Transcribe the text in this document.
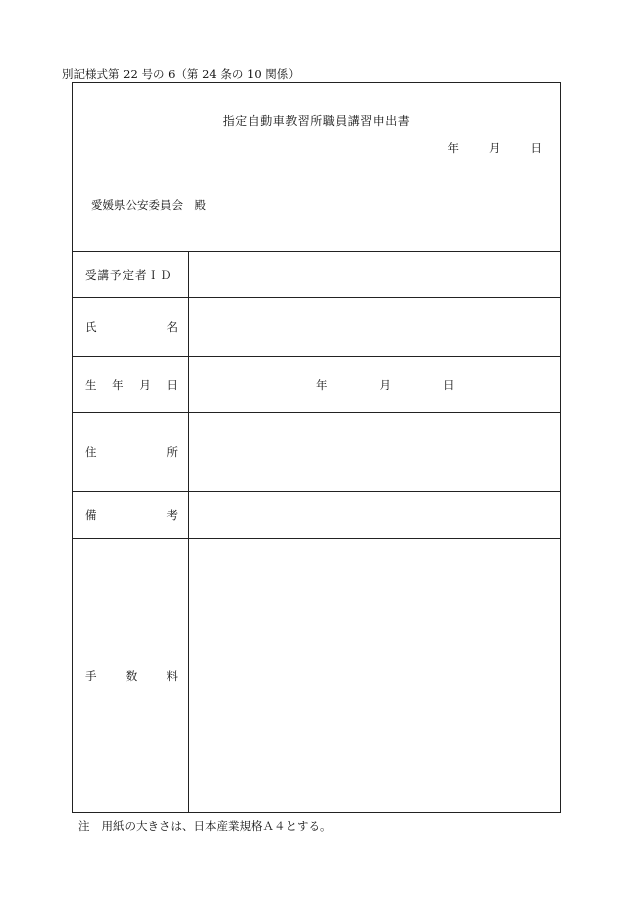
別記様式第 22 号の 6（第 24 条の 10 関係）
指定自動車教習所職員講習申出書
年	月	日
愛媛県公安委員会　殿
受講予定者ＩＤ
氏	名
生 年 月 日	年	月	日
住	所
備	考
手	数	料
注 用紙の大きさは、日本産業規格Ａ４とする。
